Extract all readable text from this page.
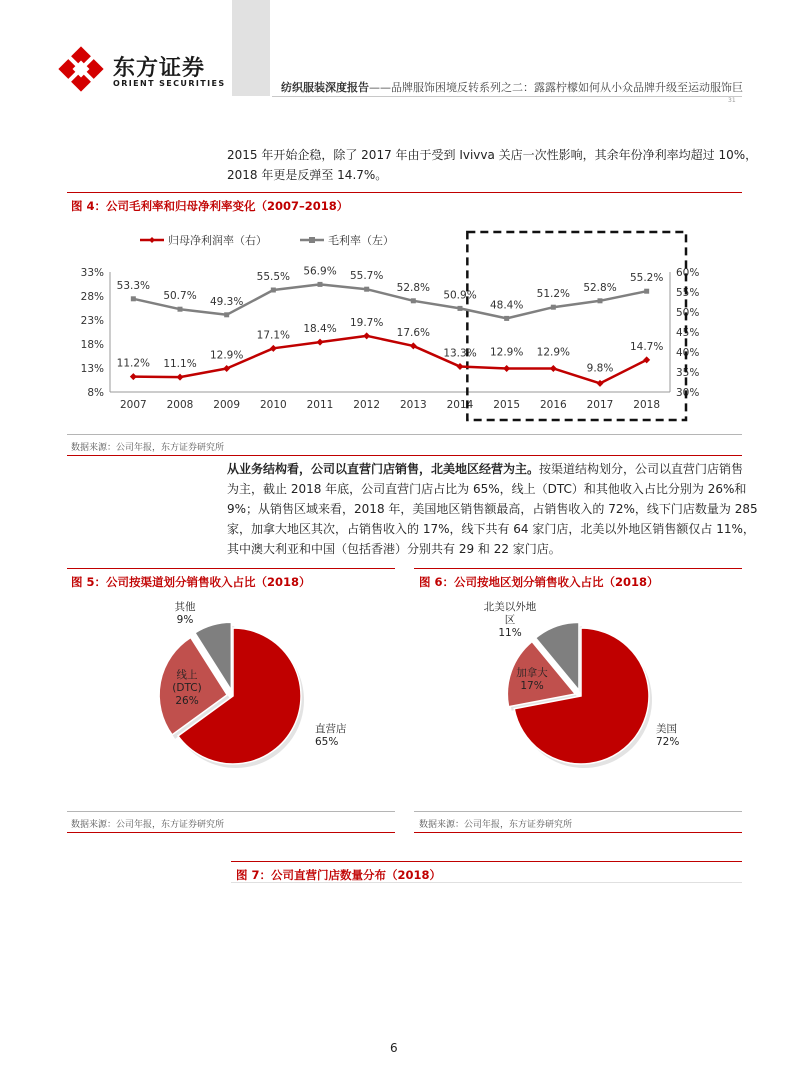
东方证券
ORIENT SECURITIES	纺织服装深度报告——品牌服饰困境反转系列之二：露露柠檬如何从小众品牌升级至运动服饰巨
31
2015 年开始企稳，除了 2017 年由于受到 Ivivva 关店一次性影响，其余年份净利率均超过 10%，
2018 年更是反弹至 14.7%。
图 4：公司毛利率和归母净利率变化（2007–2018）
归母净利润率（右）	毛利率（左）
8%
13%
18%
23%
28%
33%
30%
35%
40%
45%
50%
55%
60%
2007 2008 2009 2010 2011 2012 2013 2014 2015 2016 2017 2018
11.2% 11.1%
12.9%
17.1%
18.4%
19.7%
17.6%
13.3% 12.9% 12.9%
9.8%
14.7%
53.3%
50.7% 49.3%
55.5% 56.9% 55.7%
52.8%
50.9%
48.4%
51.2%
52.8%
55.2%
数据来源：公司年报，东方证券研究所
从业务结构看，公司以直营门店销售，北美地区经营为主。按渠道结构划分，公司以直营门店销售
为主，截止 2018 年底，公司直营门店占比为 65%，线上（DTC）和其他收入占比分别为 26%和
9%；从销售区域来看，2018 年，美国地区销售额最高，占销售收入的 72%，线下门店数量为 285
家，加拿大地区其次，占销售收入的 17%，线下共有 64 家门店，北美以外地区销售额仅占 11%，
其中澳大利亚和中国（包括香港）分别共有 29 和 22 家门店。
图 5：公司按渠道划分销售收入占比（2018）	图 6：公司按地区划分销售收入占比（2018）
直营店
65%
线上
(DTC)
26%
其他
9%
美国
72%
加拿大
17%
北美以外地
区
11%
数据来源：公司年报，东方证券研究所	数据来源：公司年报，东方证券研究所
图 7：公司直营门店数量分布（2018）
6
